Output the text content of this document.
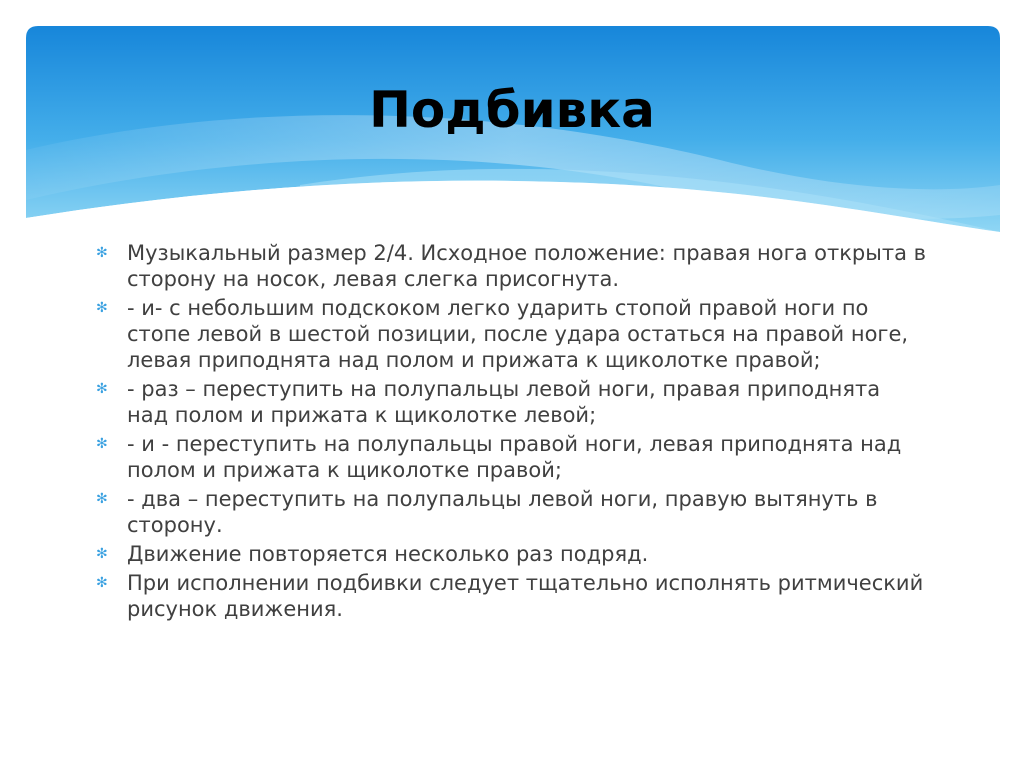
Подбивка
✻ Музыкальный размер 2/4. Исходное положение: правая нога открыта в сторону на носок, левая слегка присогнута.
✻ - и- с небольшим подскоком легко ударить стопой правой ноги по стопе левой в шестой позиции, после удара остаться на правой ноге, левая приподнята над полом и прижата к щиколотке правой;
✻ - раз – переступить на полупальцы левой ноги, правая приподнята над полом и прижата к щиколотке левой;
✻ - и - переступить на полупальцы правой ноги, левая приподнята над полом и прижата к щиколотке правой;
✻ - два – переступить на полупальцы левой ноги, правую вытянуть в сторону.
✻ Движение повторяется несколько раз подряд.
✻ При исполнении подбивки следует тщательно исполнять ритмический рисунок движения.
